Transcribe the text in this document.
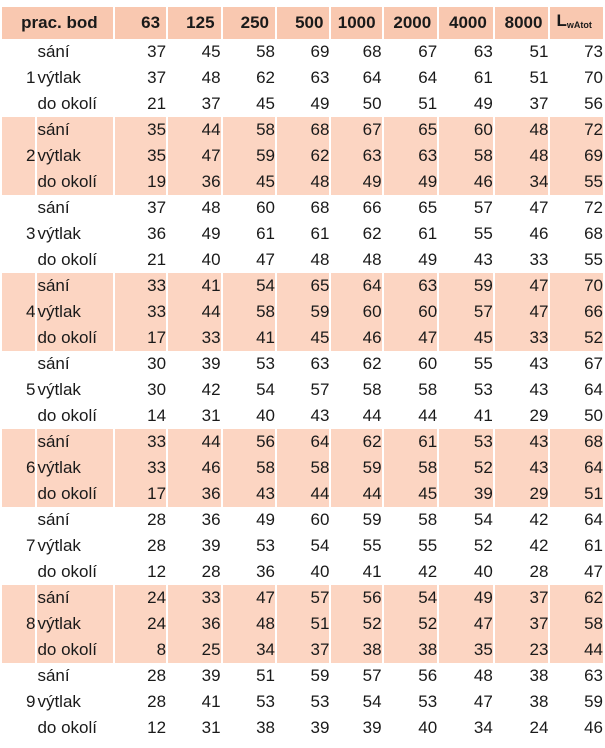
prac. bod		63	125	250	500	1000	2000	4000	8000	$L_{wAtot}$
	sání	37	45	58	69	68	67	63	51	73
1	výtlak	37	48	62	63	64	64	61	51	70
	do okolí	21	37	45	49	50	51	49	37	56
	sání	35	44	58	68	67	65	60	48	72
2	výtlak	35	47	59	62	63	63	58	48	69
	do okolí	19	36	45	48	49	49	46	34	55
	sání	37	48	60	68	66	65	57	47	72
3	výtlak	36	49	61	61	62	61	55	46	68
	do okolí	21	40	47	48	48	49	43	33	55
	sání	33	41	54	65	64	63	59	47	70
4	výtlak	33	44	58	59	60	60	57	47	66
	do okolí	17	33	41	45	46	47	45	33	52
	sání	30	39	53	63	62	60	55	43	67
5	výtlak	30	42	54	57	58	58	53	43	64
	do okolí	14	31	40	43	44	44	41	29	50
	sání	33	44	56	64	62	61	53	43	68
6	výtlak	33	46	58	58	59	58	52	43	64
	do okolí	17	36	43	44	44	45	39	29	51
	sání	28	36	49	60	59	58	54	42	64
7	výtlak	28	39	53	54	55	55	52	42	61
	do okolí	12	28	36	40	41	42	40	28	47
	sání	24	33	47	57	56	54	49	37	62
8	výtlak	24	36	48	51	52	52	47	37	58
	do okolí	8	25	34	37	38	38	35	23	44
	sání	28	39	51	59	57	56	48	38	63
9	výtlak	28	41	53	53	54	53	47	38	59
	do okolí	12	31	38	39	39	40	34	24	46
